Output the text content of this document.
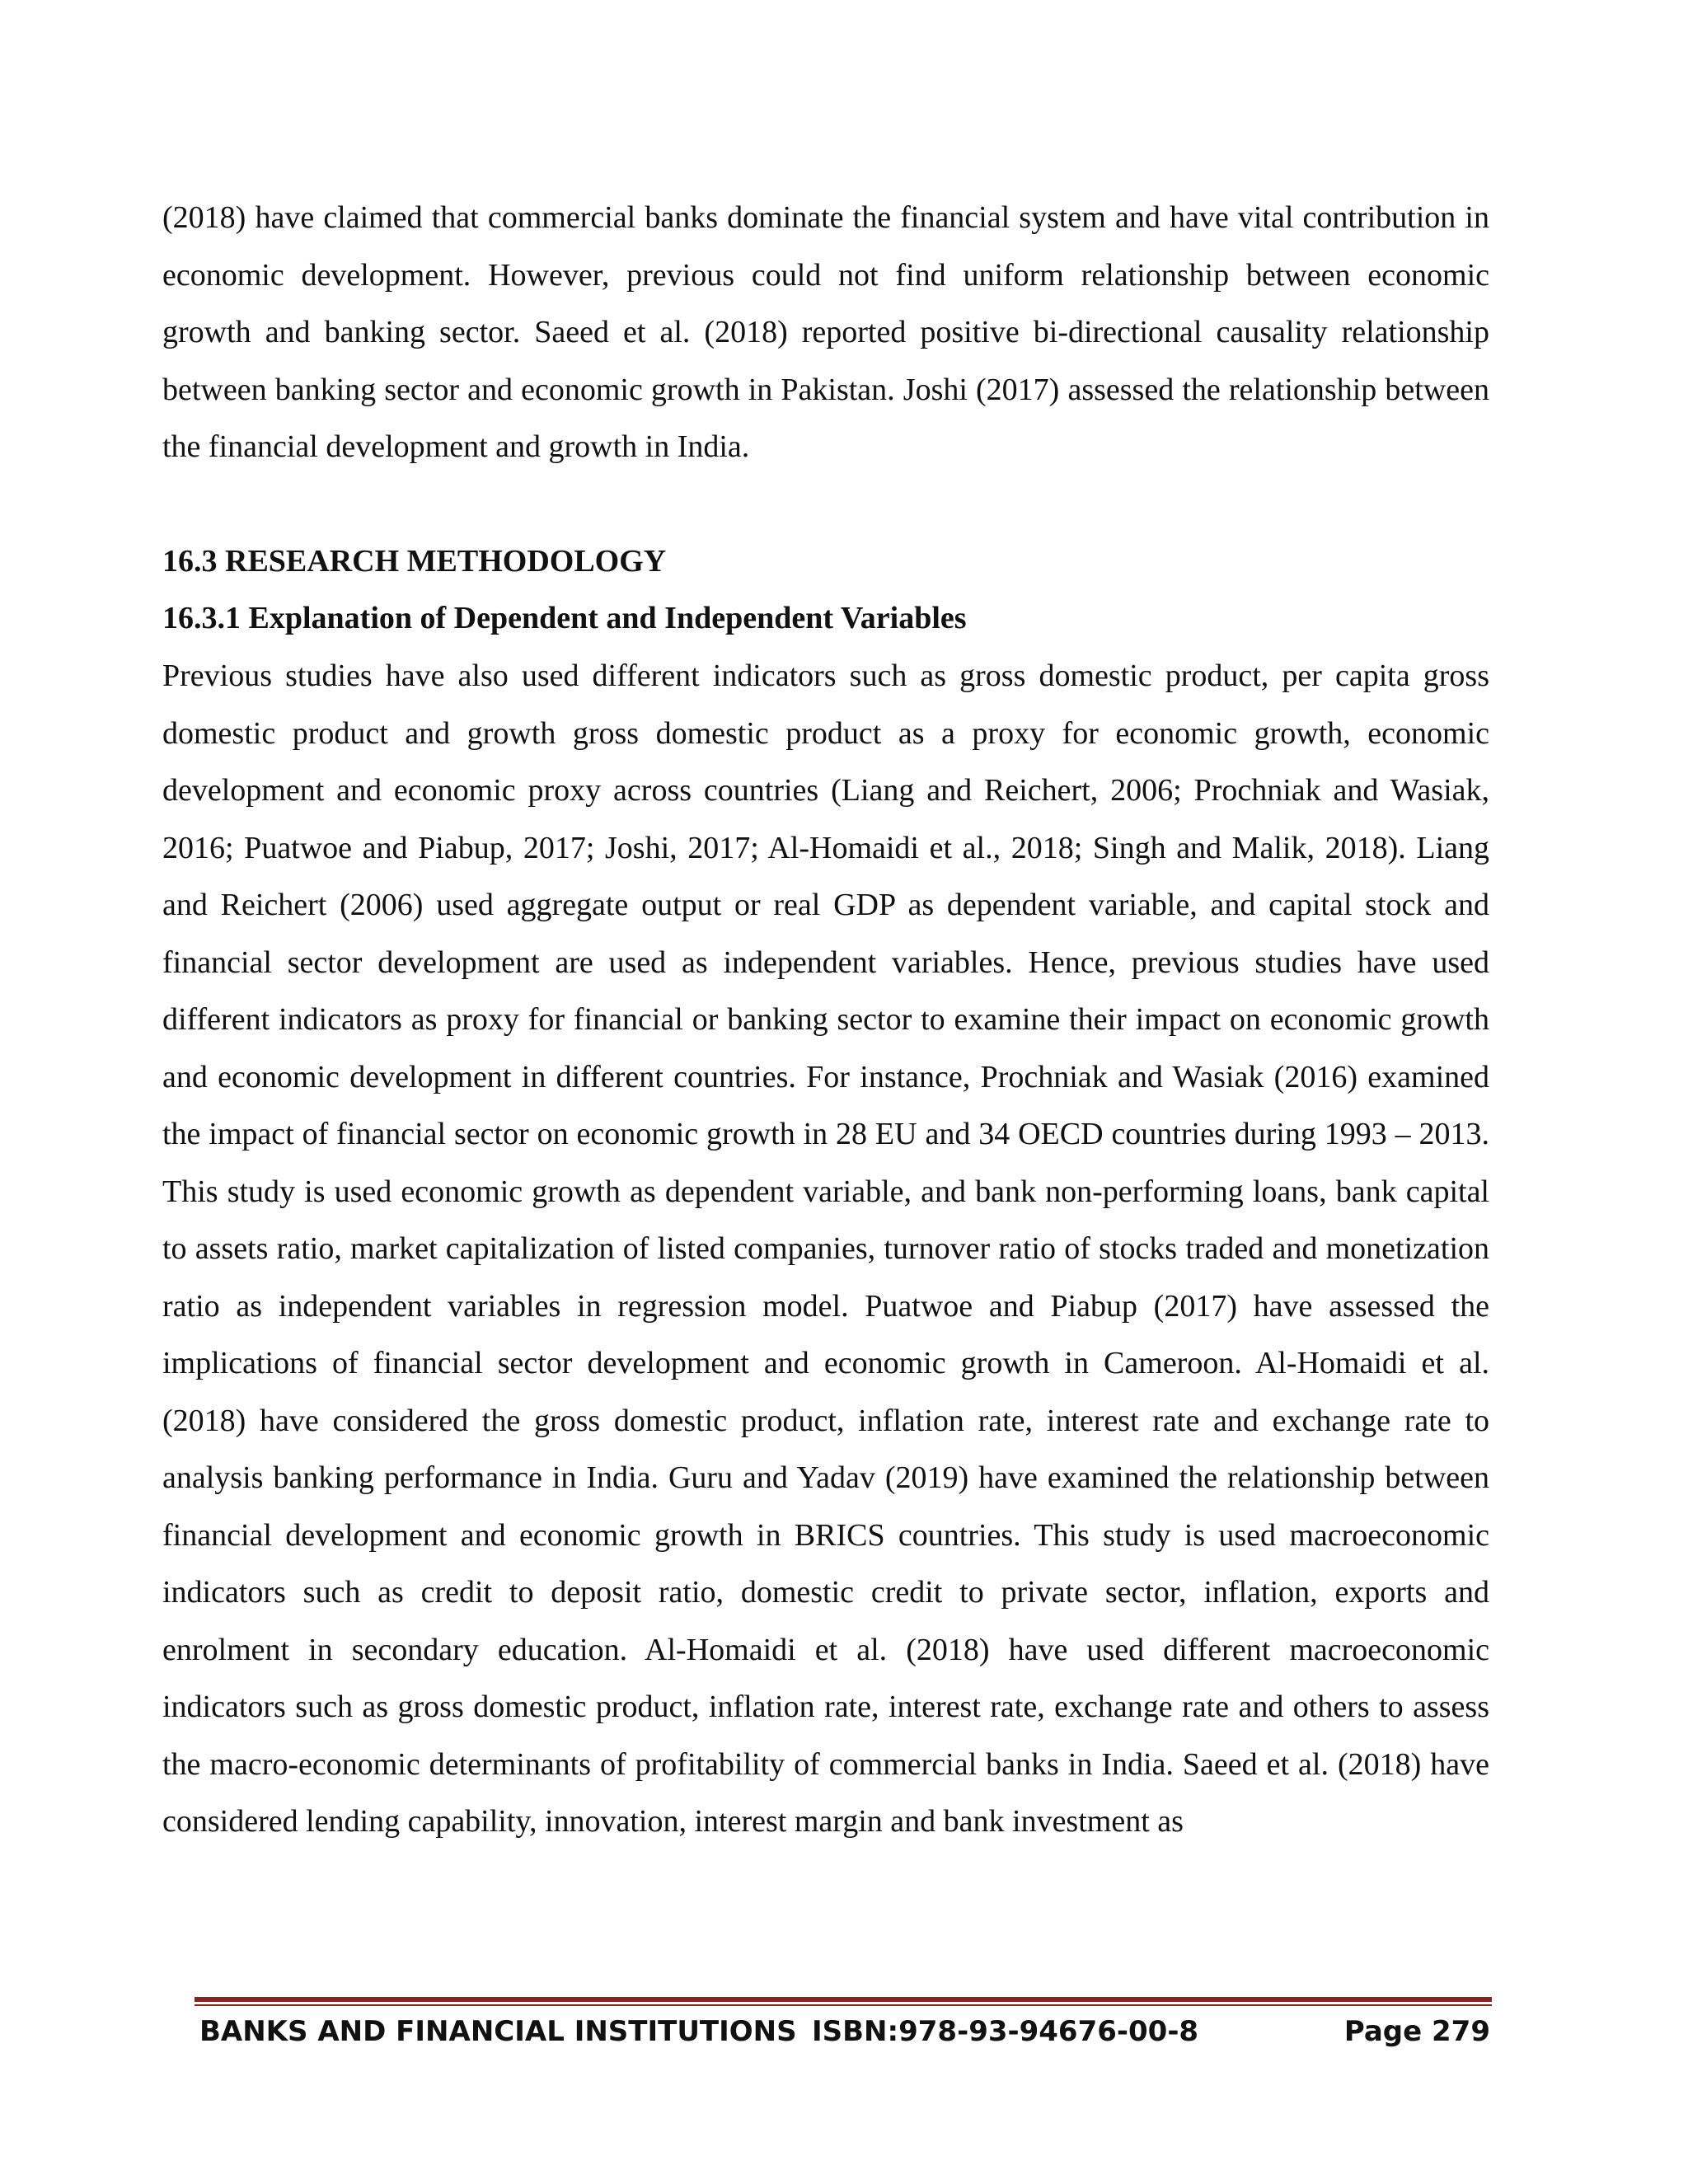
(2018) have claimed that commercial banks dominate the financial system and have vital contribution in economic development. However, previous could not find uniform relationship between economic growth and banking sector. Saeed et al. (2018) reported positive bi-directional causality relationship between banking sector and economic growth in Pakistan. Joshi (2017) assessed the relationship between the financial development and growth in India.

16.3 RESEARCH METHODOLOGY
16.3.1 Explanation of Dependent and Independent Variables

Previous studies have also used different indicators such as gross domestic product, per capita gross domestic product and growth gross domestic product as a proxy for economic growth, economic development and economic proxy across countries (Liang and Reichert, 2006; Prochniak and Wasiak, 2016; Puatwoe and Piabup, 2017; Joshi, 2017; Al-Homaidi et al., 2018; Singh and Malik, 2018). Liang and Reichert (2006) used aggregate output or real GDP as dependent variable, and capital stock and financial sector development are used as independent variables. Hence, previous studies have used different indicators as proxy for financial or banking sector to examine their impact on economic growth and economic development in different countries. For instance, Prochniak and Wasiak (2016) examined the impact of financial sector on economic growth in 28 EU and 34 OECD countries during 1993 – 2013. This study is used economic growth as dependent variable, and bank non-performing loans, bank capital to assets ratio, market capitalization of listed companies, turnover ratio of stocks traded and monetization ratio as independent variables in regression model. Puatwoe and Piabup (2017) have assessed the implications of financial sector development and economic growth in Cameroon. Al-Homaidi et al. (2018) have considered the gross domestic product, inflation rate, interest rate and exchange rate to analysis banking performance in India. Guru and Yadav (2019) have examined the relationship between financial development and economic growth in BRICS countries. This study is used macroeconomic indicators such as credit to deposit ratio, domestic credit to private sector, inflation, exports and enrolment in secondary education. Al-Homaidi et al. (2018) have used different macroeconomic indicators such as gross domestic product, inflation rate, interest rate, exchange rate and others to assess the macro-economic determinants of profitability of commercial banks in India. Saeed et al. (2018) have considered lending capability, innovation, interest margin and bank investment as

BANKS AND FINANCIAL INSTITUTIONS ISBN:978-93-94676-00-8	Page 279
